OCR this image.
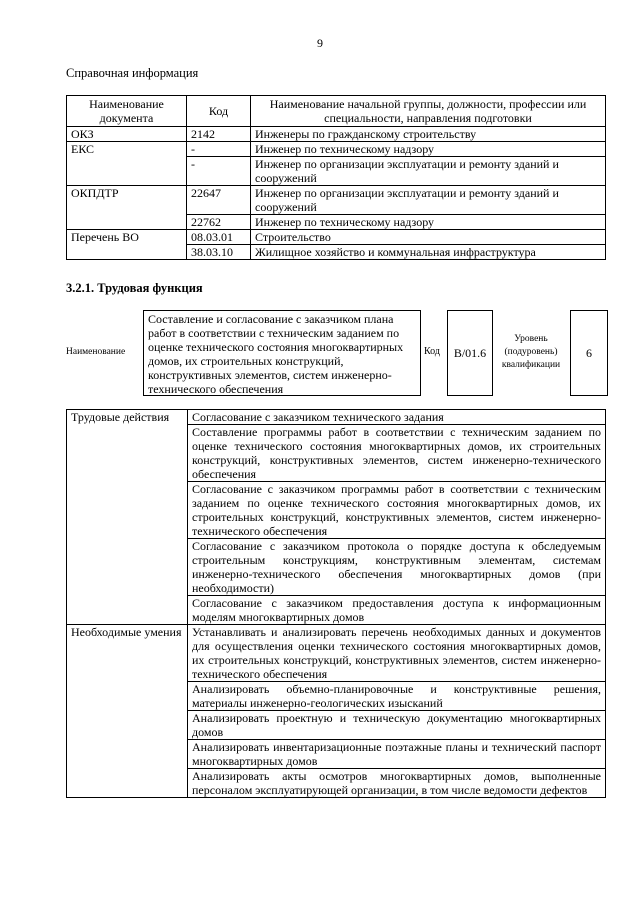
9
Справочная информация
Наименование документа	Код	Наименование начальной группы, должности, профессии или специальности, направления подготовки
ОКЗ	2142	Инженеры по гражданскому строительству
ЕКС	-	Инженер по техническому надзору
	-	Инженер по организации эксплуатации и ремонту зданий и сооружений
ОКПДТР	22647	Инженер по организации эксплуатации и ремонту зданий и сооружений
	22762	Инженер по техническому надзору
Перечень ВО	08.03.01	Строительство
	38.03.10	Жилищное хозяйство и коммунальная инфраструктура
3.2.1. Трудовая функция
Наименование
Составление и согласование с заказчиком плана работ в соответствии с техническим заданием по оценке технического состояния многоквартирных домов, их строительных конструкций, конструктивных элементов, систем инженерно-технического обеспечения
Код	B/01.6
Уровень (подуровень) квалификации
6
Трудовые действия	Согласование с заказчиком технического задания
	Составление программы работ в соответствии с техническим заданием по оценке технического состояния многоквартирных домов, их строительных конструкций, конструктивных элементов, систем инженерно-технического обеспечения
	Согласование с заказчиком программы работ в соответствии с техническим заданием по оценке технического состояния многоквартирных домов, их строительных конструкций, конструктивных элементов, систем инженерно-технического обеспечения
	Согласование с заказчиком протокола о порядке доступа к обследуемым строительным конструкциям, конструктивным элементам, системам инженерно-технического обеспечения многоквартирных домов (при необходимости)
	Согласование с заказчиком предоставления доступа к информационным моделям многоквартирных домов
Необходимые умения	Устанавливать и анализировать перечень необходимых данных и документов для осуществления оценки технического состояния многоквартирных домов, их строительных конструкций, конструктивных элементов, систем инженерно-технического обеспечения
	Анализировать объемно-планировочные и конструктивные решения, материалы инженерно-геологических изысканий
	Анализировать проектную и техническую документацию многоквартирных домов
	Анализировать инвентаризационные поэтажные планы и технический паспорт многоквартирных домов
	Анализировать акты осмотров многоквартирных домов, выполненные персоналом эксплуатирующей организации, в том числе ведомости дефектов
